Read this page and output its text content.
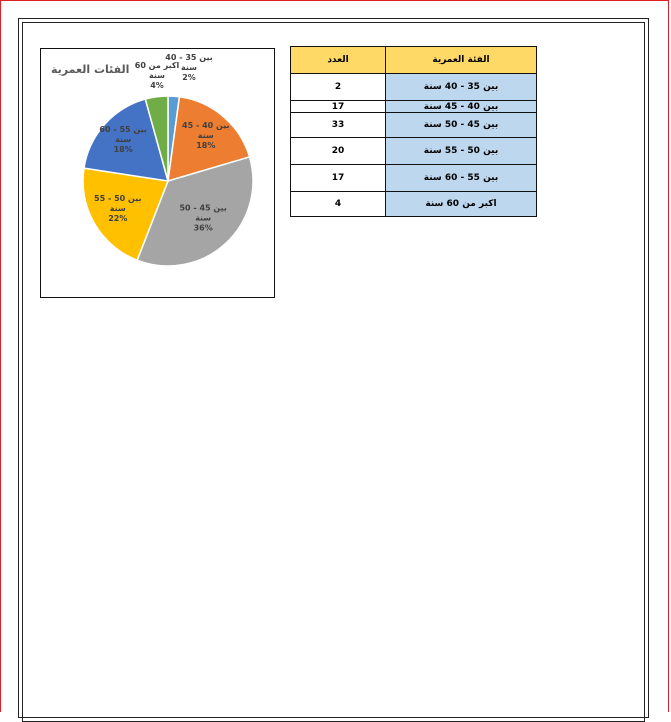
الفئات العمرية
بين 35 - 40 سنة 2%
بين 40 - 45 سنة 18%
بين 45 - 50 سنة 36%
بين 50 - 55 سنة 22%
بين 55 - 60 سنة 18%
اكبر من 60 سنة 4%
الفئة العمرية	العدد
بين 35 - 40 سنة	2
بين 40 - 45 سنة	17
بين 45 - 50 سنة	33
بين 50 - 55 سنة	20
بين 55 - 60 سنة	17
اكبر من 60 سنة	4
